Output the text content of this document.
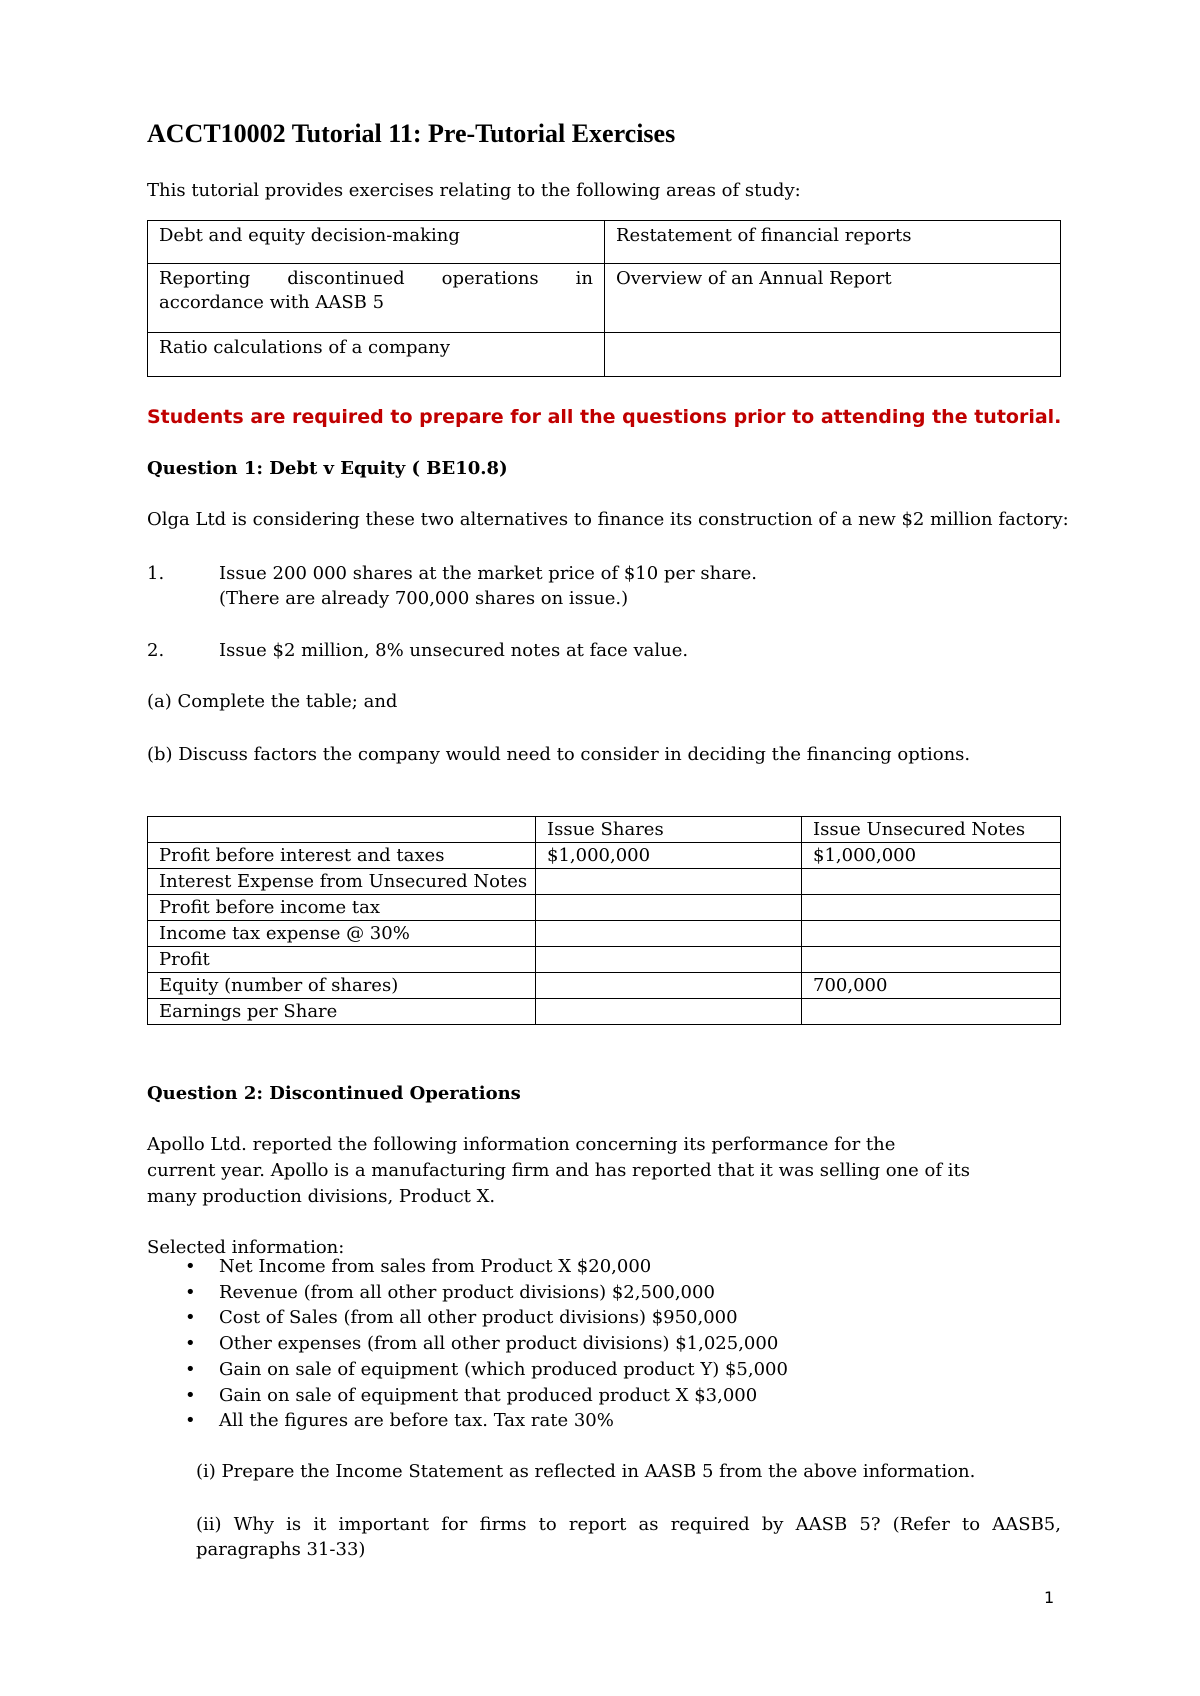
ACCT10002 Tutorial 11: Pre-Tutorial Exercises
This tutorial provides exercises relating to the following areas of study:
Debt and equity decision-making	Restatement of financial reports

Reporting discontinued operations in
accordance with AASB 5	Overview of an Annual Report
Ratio calculations of a company	
Students are required to prepare for all the questions prior to attending the tutorial.
Question 1: Debt v Equity ( BE10.8)
Olga Ltd is considering these two alternatives to finance its construction of a new $2 million factory:
1.	Issue 200 000 shares at the market price of $10 per share.
(There are already 700,000 shares on issue.)
2.	Issue $2 million, 8% unsecured notes at face value.
(a) Complete the table; and
(b) Discuss factors the company would need to consider in deciding the financing options.
	Issue Shares	Issue Unsecured Notes
Profit before interest and taxes	$1,000,000	$1,000,000
Interest Expense from Unsecured Notes		
Profit before income tax		
Income tax expense @ 30%		
Profit		
Equity (number of shares)		700,000
Earnings per Share		
Question 2: Discontinued Operations
Apollo Ltd. reported the following information concerning its performance for the
current year. Apollo is a manufacturing firm and has reported that it was selling one of its
many production divisions, Product X.
Selected information:
• Net Income from sales from Product X $20,000
• Revenue (from all other product divisions) $2,500,000
• Cost of Sales (from all other product divisions) $950,000
• Other expenses (from all other product divisions) $1,025,000
• Gain on sale of equipment (which produced product Y) $5,000
• Gain on sale of equipment that produced product X $3,000
• All the figures are before tax. Tax rate 30%
(i) Prepare the Income Statement as reflected in AASB 5 from the above information.
(ii) Why is it important for firms to report as required by AASB 5? (Refer to AASB5,
paragraphs 31-33)
1
